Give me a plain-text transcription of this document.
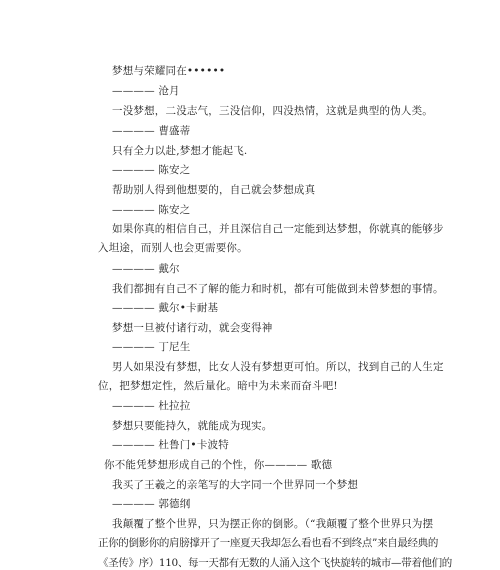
梦想与荣耀同在••••••
———— 沧月
一没梦想，二没志气，三没信仰，四没热情，这就是典型的伪人类。
———— 曹盛蒂
只有全力以赴,梦想才能起飞.
———— 陈安之
帮助别人得到他想要的，自己就会梦想成真
———— 陈安之
如果你真的相信自己，并且深信自己一定能到达梦想，你就真的能够步
入坦途，而别人也会更需要你。
———— 戴尔
我们都拥有自己不了解的能力和时机，都有可能做到未曾梦想的事情。
———— 戴尔•卡耐基
梦想一旦被付诸行动，就会变得神
———— 丁尼生
男人如果没有梦想，比女人没有梦想更可怕。所以，找到自己的人生定
位，把梦想定性，然后量化。暗中为未来而奋斗吧!
———— 杜拉拉
梦想只要能持久，就能成为现实。
———— 杜鲁门•卡波特
你不能凭梦想形成自己的个性，你———— 歌德
我买了王羲之的亲笔写的大字同一个世界同一个梦想
———— 郭德纲
我颠覆了整个世界，只为摆正你的倒影。（“我颠覆了整个世界只为摆
正你的倒影你的肩膀撑开了一座夏天我却怎么看也看不到终点”来自最经典的
《圣传》序）110、每一天都有无数的人涌入这个飞快旋转的城市—带着他们的
